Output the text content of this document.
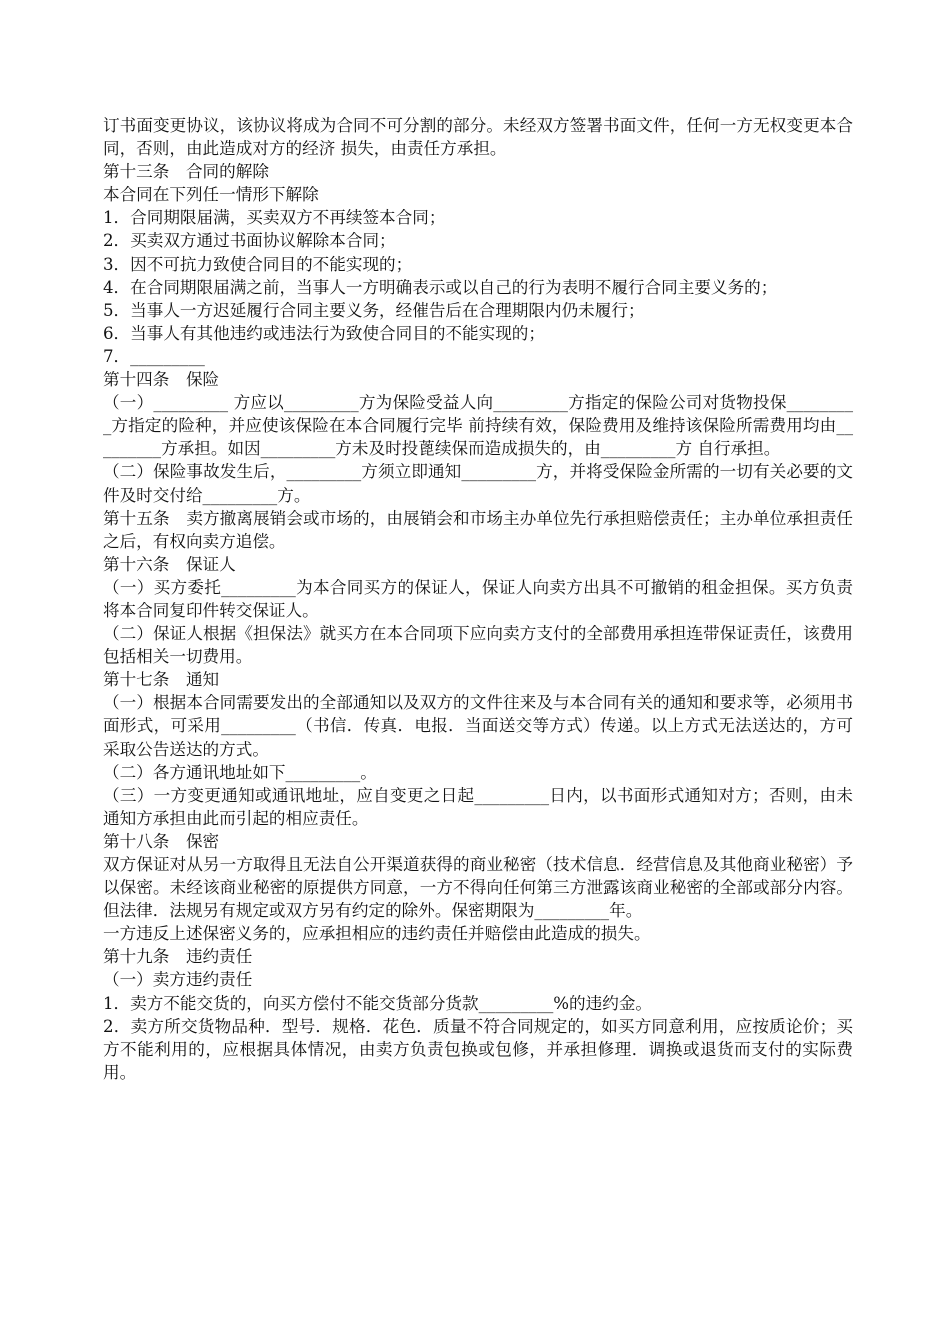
订书面变更协议，该协议将成为合同不可分割的部分。未经双方签署书面文件，任何一方无权变更本合同，否则，由此造成对方的经济 损失，由责任方承担。

第十三条　合同的解除

本合同在下列任一情形下解除

1．合同期限届满，买卖双方不再续签本合同；

2．买卖双方通过书面协议解除本合同；

3．因不可抗力致使合同目的不能实现的；

4．在合同期限届满之前，当事人一方明确表示或以自己的行为表明不履行合同主要义务的；

5．当事人一方迟延履行合同主要义务，经催告后在合理期限内仍未履行；

6．当事人有其他违约或违法行为致使合同目的不能实现的；

7．_________

第十四条　保险

（一）_________ 方应以_________方为保险受益人向_________方指定的保险公司对货物投保_________方指定的险种，并应使该保险在本合同履行完毕 前持续有效，保险费用及维持该保险所需费用均由_________方承担。如因_________方未及时投蓖续保而造成损失的，由_________方 自行承担。

（二）保险事故发生后，_________方须立即通知_________方，并将受保险金所需的一切有关必要的文件及时交付给_________方。

第十五条　卖方撤离展销会或市场的，由展销会和市场主办单位先行承担赔偿责任；主办单位承担责任之后，有权向卖方追偿。

第十六条　保证人

（一）买方委托_________为本合同买方的保证人，保证人向卖方出具不可撤销的租金担保。买方负责将本合同复印件转交保证人。

（二）保证人根据《担保法》就买方在本合同项下应向卖方支付的全部费用承担连带保证责任，该费用包括相关一切费用。

第十七条　通知

（一）根据本合同需要发出的全部通知以及双方的文件往来及与本合同有关的通知和要求等，必须用书面形式，可采用_________（书信．传真．电报．当面送交等方式）传递。以上方式无法送达的，方可采取公告送达的方式。

（二）各方通讯地址如下_________。

（三）一方变更通知或通讯地址，应自变更之日起_________日内，以书面形式通知对方；否则，由未通知方承担由此而引起的相应责任。

第十八条　保密

双方保证对从另一方取得且无法自公开渠道获得的商业秘密（技术信息．经营信息及其他商业秘密）予以保密。未经该商业秘密的原提供方同意，一方不得向任何第三方泄露该商业秘密的全部或部分内容。但法律．法规另有规定或双方另有约定的除外。保密期限为_________年。

一方违反上述保密义务的，应承担相应的违约责任并赔偿由此造成的损失。

第十九条　违约责任

（一）卖方违约责任

1．卖方不能交货的，向买方偿付不能交货部分货款_________%的违约金。

2．卖方所交货物品种．型号．规格．花色．质量不符合同规定的，如买方同意利用，应按质论价；买方不能利用的，应根据具体情况，由卖方负责包换或包修，并承担修理．调换或退货而支付的实际费用。
